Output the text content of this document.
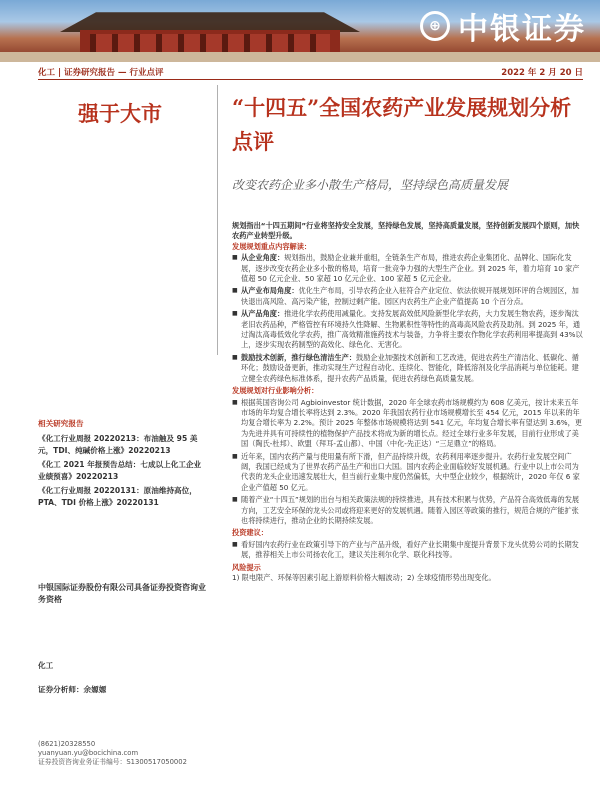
⊕ 中银证券
化工 | 证券研究报告 — 行业点评	2022 年 2 月 20 日
强于大市	“十四五”全国农药产业发展规划分析点评
改变农药企业多小散生产格局，坚持绿色高质量发展

规划指出“十四五期间”行业将坚持安全发展，坚持绿色发展，坚持高质量发展，坚持创新发展四个原则，加快农药产业转型升级。

发展规划重点内容解读：

■ 从企业角度：规划指出，鼓励企业兼并重组，全链条生产布局，推进农药企业集团化、品牌化、国际化发展，逐步改变农药企业多小散的格局，培育一批竞争力强的大型生产企业。到 2025 年，着力培育 10 家产值超 50 亿元企业、50 家超 10 亿元企业、100 家超 5 亿元企业。
■ 从产业布局角度：优化生产布局，引导农药企业入驻符合产业定位、依法依规开展规划环评的合规园区，加快退出高风险、高污染产能，控制过剩产能。园区内农药生产企业产值提高 10 个百分点。
■ 从产品角度：推进化学农药使用减量化。支持发展高效低风险新型化学农药，大力发展生物农药，逐步淘汰老旧农药品种，严格管控有环境持久性降解、生物累积性等特性的高毒高风险农药及助剂。到 2025 年，通过淘汰高毒低效化学农药，推广高效精准施药技术与装备，力争将主要农作物化学农药利用率提高到 43%以上，逐步实现农药制型的高效化、绿色化、无害化。
■ 鼓励技术创新，推行绿色清洁生产：鼓励企业加强技术创新和工艺改进，促进农药生产清洁化、低碳化、循环化；鼓励设备更新，推动实现生产过程自动化、连续化、智能化，降低溶剂及化学品消耗与单位能耗。建立健全农药绿色标准体系，提升农药产品质量，促进农药绿色高质量发展。

发展规划对行业影响分析：

■ 根据英国咨询公司 Agbioinvestor 统计数据，2020 年全球农药市场规模约为 608 亿美元，按计未来五年市场的年均复合增长率将达到 2.3%。2020 年我国农药行业市场规模增长至 454 亿元，2015 年以来的年均复合增长率为 2.2%。预计 2025 年整体市场规模将达到 541 亿元，年均复合增长率有望达到 3.6%，更为先进并具有可持续性的植物保护产品技术将成为新的增长点。经过全球行业多年发展，目前行业形成了美国（陶氏-杜邦）、欧盟（拜耳-孟山都）、中国（中化-先正达）“三足鼎立”的格局。
■ 近年来，国内农药产量与使用量有所下滑，但产品持续升级，农药利用率逐步提升。农药行业发展空间广阔，我国已经成为了世界农药产品生产和出口大国。国内农药企业面临较好发展机遇。行业中以上市公司为代表的龙头企业迅速发展壮大，但当前行业集中度仍然偏低，大中型企业较少，根据统计，2020 年仅 6 家企业产值超 50 亿元。
■ 随着产业“十四五”规划的出台与相关政策法规的持续推进，具有技术积累与优势，产品符合高效低毒的发展方向，工艺安全环保的龙头公司或将迎来更好的发展机遇。随着入园区等政策的推行，规范合规的产能扩张也将持续进行，推动企业的长期持续发展。

投资建议：

■ 看好国内农药行业在政策引导下的产业与产品升级，看好产业长期集中度提升背景下龙头优势公司的长期发展，推荐相关上市公司扬农化工，建议关注利尔化学、联化科技等。

风险提示

1) 限电限产、环保等因素引起上游原料价格大幅波动；2) 全球疫情形势出现变化。

相关研究报告

《化工行业周报 20220213：布油触及 95 美元，TDI、纯碱价格上涨》20220213

《化工 2021 年报预告总结：七成以上化工企业业绩预喜》20220213

《化工行业周报 20220131：原油维持高位，PTA、TDI 价格上涨》20220131

中银国际证券股份有限公司具备证券投资咨询业务资格
化工
证券分析师：余嫄嫄
(8621)20328550
yuanyuan.yu@bocichina.com
证券投资咨询业务证书编号：S1300517050002
